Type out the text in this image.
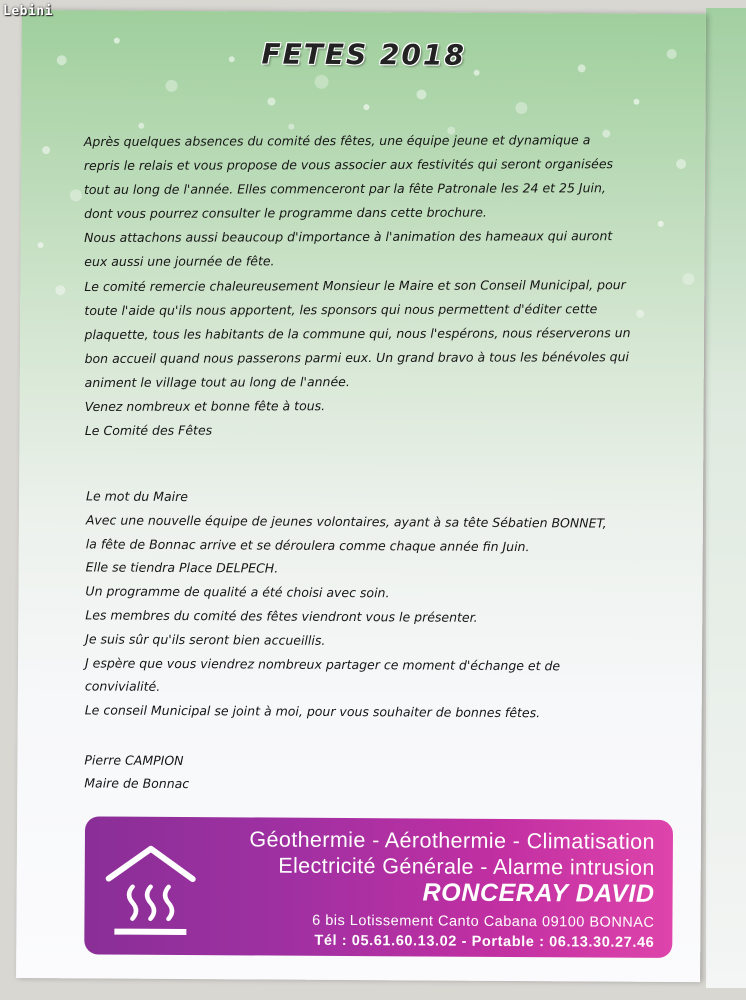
FETES 2018

Après quelques absences du comité des fêtes, une équipe jeune et dynamique a

repris le relais et vous propose de vous associer aux festivités qui seront organisées

tout au long de l'année. Elles commenceront par la fête Patronale les 24 et 25 Juin,

dont vous pourrez consulter le programme dans cette brochure.

Nous attachons aussi beaucoup d'importance à l'animation des hameaux qui auront

eux aussi une journée de fête.

Le comité remercie chaleureusement Monsieur le Maire et son Conseil Municipal, pour

toute l'aide qu'ils nous apportent, les sponsors qui nous permettent d'éditer cette

plaquette, tous les habitants de la commune qui, nous l'espérons, nous réserverons un

bon accueil quand nous passerons parmi eux. Un grand bravo à tous les bénévoles qui

animent le village tout au long de l'année.

Venez nombreux et bonne fête à tous.

Le Comité des Fêtes

Le mot du Maire

Avec une nouvelle équipe de jeunes volontaires, ayant à sa tête Sébatien BONNET,

la fête de Bonnac arrive et se déroulera comme chaque année fin Juin.

Elle se tiendra Place DELPECH.

Un programme de qualité a été choisi avec soin.

Les membres du comité des fêtes viendront vous le présenter.

Je suis sûr qu'ils seront bien accueillis.

J espère que vous viendrez nombreux partager ce moment d'échange et de

convivialité.

Le conseil Municipal se joint à moi, pour vous souhaiter de bonnes fêtes.

Pierre CAMPION

Maire de Bonnac

Géothermie - Aérothermie - Climatisation
Electricité Générale - Alarme intrusion
RONCERAY DAVID
6 bis Lotissement Canto Cabana 09100 BONNAC
Tél : 05.61.60.13.02 - Portable : 06.13.30.27.46
Lebini
